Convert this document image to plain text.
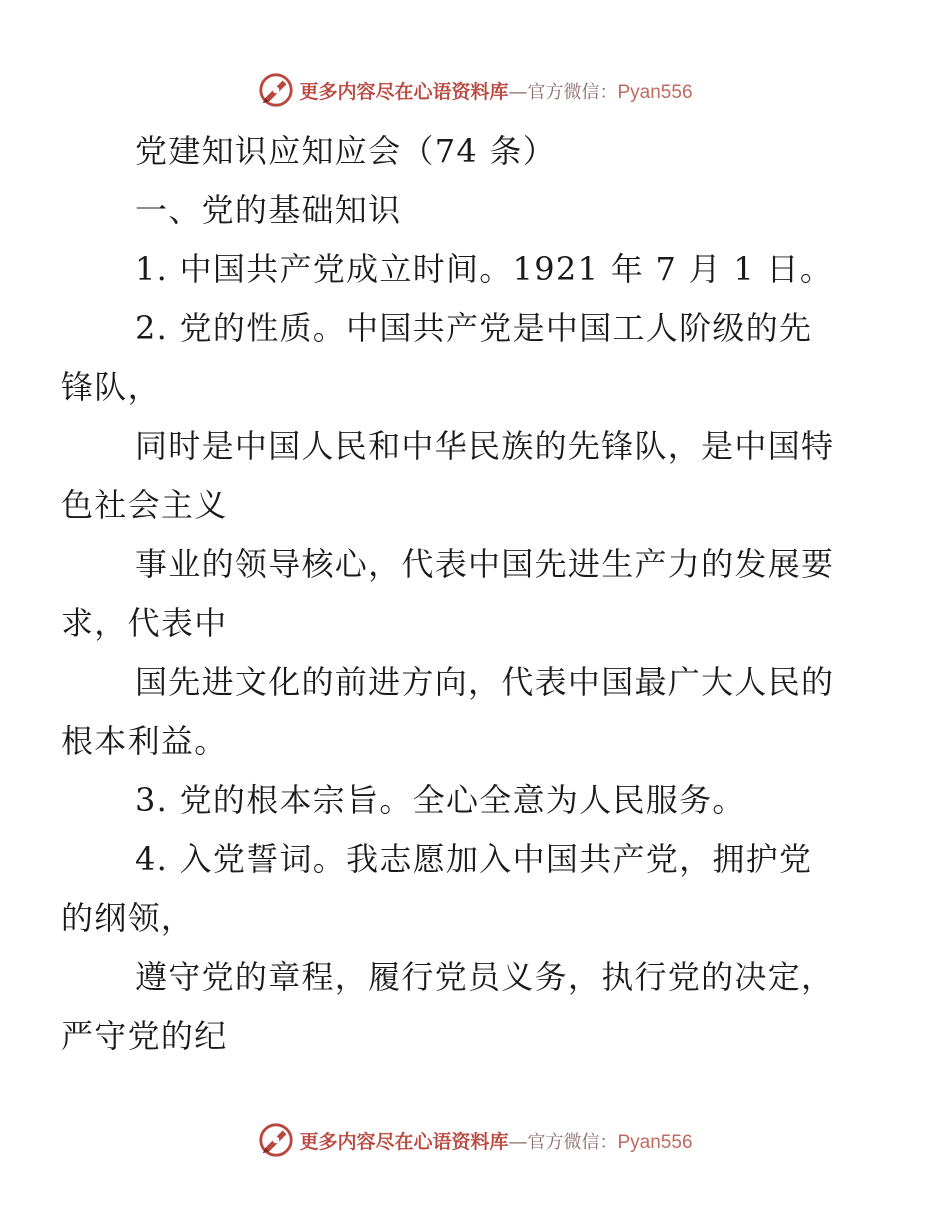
更多内容尽在心语资料库 — 官方微信： Pyan556

党建知识应知应会（74 条）

一、党的基础知识

1. 中国共产党成立时间。1921 年 7 月 1 日。

2. 党的性质。中国共产党是中国工人阶级的先
锋队，

同时是中国人民和中华民族的先锋队，是中国特
色社会主义

事业的领导核心，代表中国先进生产力的发展要
求，代表中

国先进文化的前进方向，代表中国最广大人民的
根本利益。

3. 党的根本宗旨。全心全意为人民服务。

4. 入党誓词。我志愿加入中国共产党，拥护党
的纲领，

遵守党的章程，履行党员义务，执行党的决定，
严守党的纪

更多内容尽在心语资料库 — 官方微信： Pyan556
